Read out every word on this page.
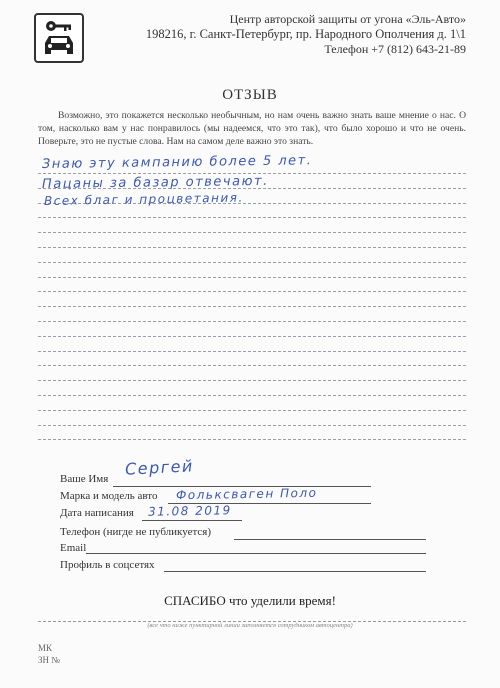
Центр авторской защиты от угона «Эль-Авто»
198216, г. Санкт-Петербург, пр. Народного Ополчения д. 1\1
Телефон +7 (812) 643-21-89
ОТЗЫВ
Возможно, это покажется несколько необычным, но нам очень важно знать ваше мнение о нас. О том, насколько вам у нас понравилось (мы надеемся, что это так), что было хорошо и что не очень. Поверьте, это не пустые слова. Нам на самом деле важно это знать.
Знаю эту кампанию более 5 лет.
Пацаны за базар отвечают.
Всех благ и процветания.
Ваше Имя
Сергей
Марка и модель авто Фольксваген Поло
Дата написания 31.08 2019
Телефон (нигде не публикуется)
Email
Профиль в соцсетях
СПАСИБО что уделили время!
(все что ниже пунктирной линии заполняется сотрудником автоцентра)
МК
ЗН №
